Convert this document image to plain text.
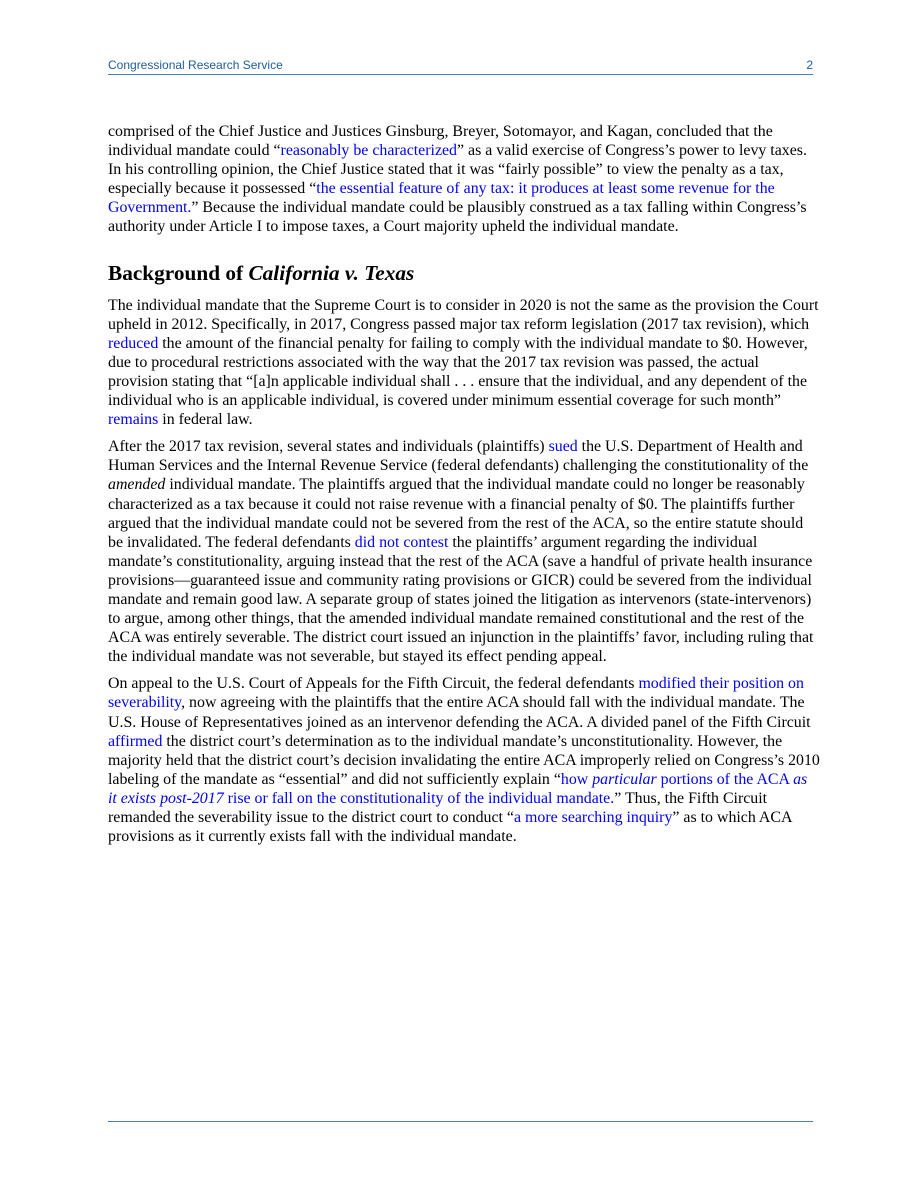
Congressional Research Service	2

comprised of the Chief Justice and Justices Ginsburg, Breyer, Sotomayor, and Kagan, concluded that the individual mandate could “reasonably be characterized” as a valid exercise of Congress’s power to levy taxes. In his controlling opinion, the Chief Justice stated that it was “fairly possible” to view the penalty as a tax, especially because it possessed “the essential feature of any tax: it produces at least some revenue for the Government.” Because the individual mandate could be plausibly construed as a tax falling within Congress’s authority under Article I to impose taxes, a Court majority upheld the individual mandate.

Background of California v. Texas

The individual mandate that the Supreme Court is to consider in 2020 is not the same as the provision the Court upheld in 2012. Specifically, in 2017, Congress passed major tax reform legislation (2017 tax revision), which reduced the amount of the financial penalty for failing to comply with the individual mandate to $0. However, due to procedural restrictions associated with the way that the 2017 tax revision was passed, the actual provision stating that “[a]n applicable individual shall . . . ensure that the individual, and any dependent of the individual who is an applicable individual, is covered under minimum essential coverage for such month” remains in federal law.

After the 2017 tax revision, several states and individuals (plaintiffs) sued the U.S. Department of Health and Human Services and the Internal Revenue Service (federal defendants) challenging the constitutionality of the amended individual mandate. The plaintiffs argued that the individual mandate could no longer be reasonably characterized as a tax because it could not raise revenue with a financial penalty of $0. The plaintiffs further argued that the individual mandate could not be severed from the rest of the ACA, so the entire statute should be invalidated. The federal defendants did not contest the plaintiffs’ argument regarding the individual mandate’s constitutionality, arguing instead that the rest of the ACA (save a handful of private health insurance provisions—guaranteed issue and community rating provisions or GICR) could be severed from the individual mandate and remain good law. A separate group of states joined the litigation as intervenors (state-intervenors) to argue, among other things, that the amended individual mandate remained constitutional and the rest of the ACA was entirely severable. The district court issued an injunction in the plaintiffs’ favor, including ruling that the individual mandate was not severable, but stayed its effect pending appeal.

On appeal to the U.S. Court of Appeals for the Fifth Circuit, the federal defendants modified their position on severability, now agreeing with the plaintiffs that the entire ACA should fall with the individual mandate. The U.S. House of Representatives joined as an intervenor defending the ACA. A divided panel of the Fifth Circuit affirmed the district court’s determination as to the individual mandate’s unconstitutionality. However, the majority held that the district court’s decision invalidating the entire ACA improperly relied on Congress’s 2010 labeling of the mandate as “essential” and did not sufficiently explain “how particular portions of the ACA as it exists post-2017 rise or fall on the constitutionality of the individual mandate.” Thus, the Fifth Circuit remanded the severability issue to the district court to conduct “a more searching inquiry” as to which ACA provisions as it currently exists fall with the individual mandate.
